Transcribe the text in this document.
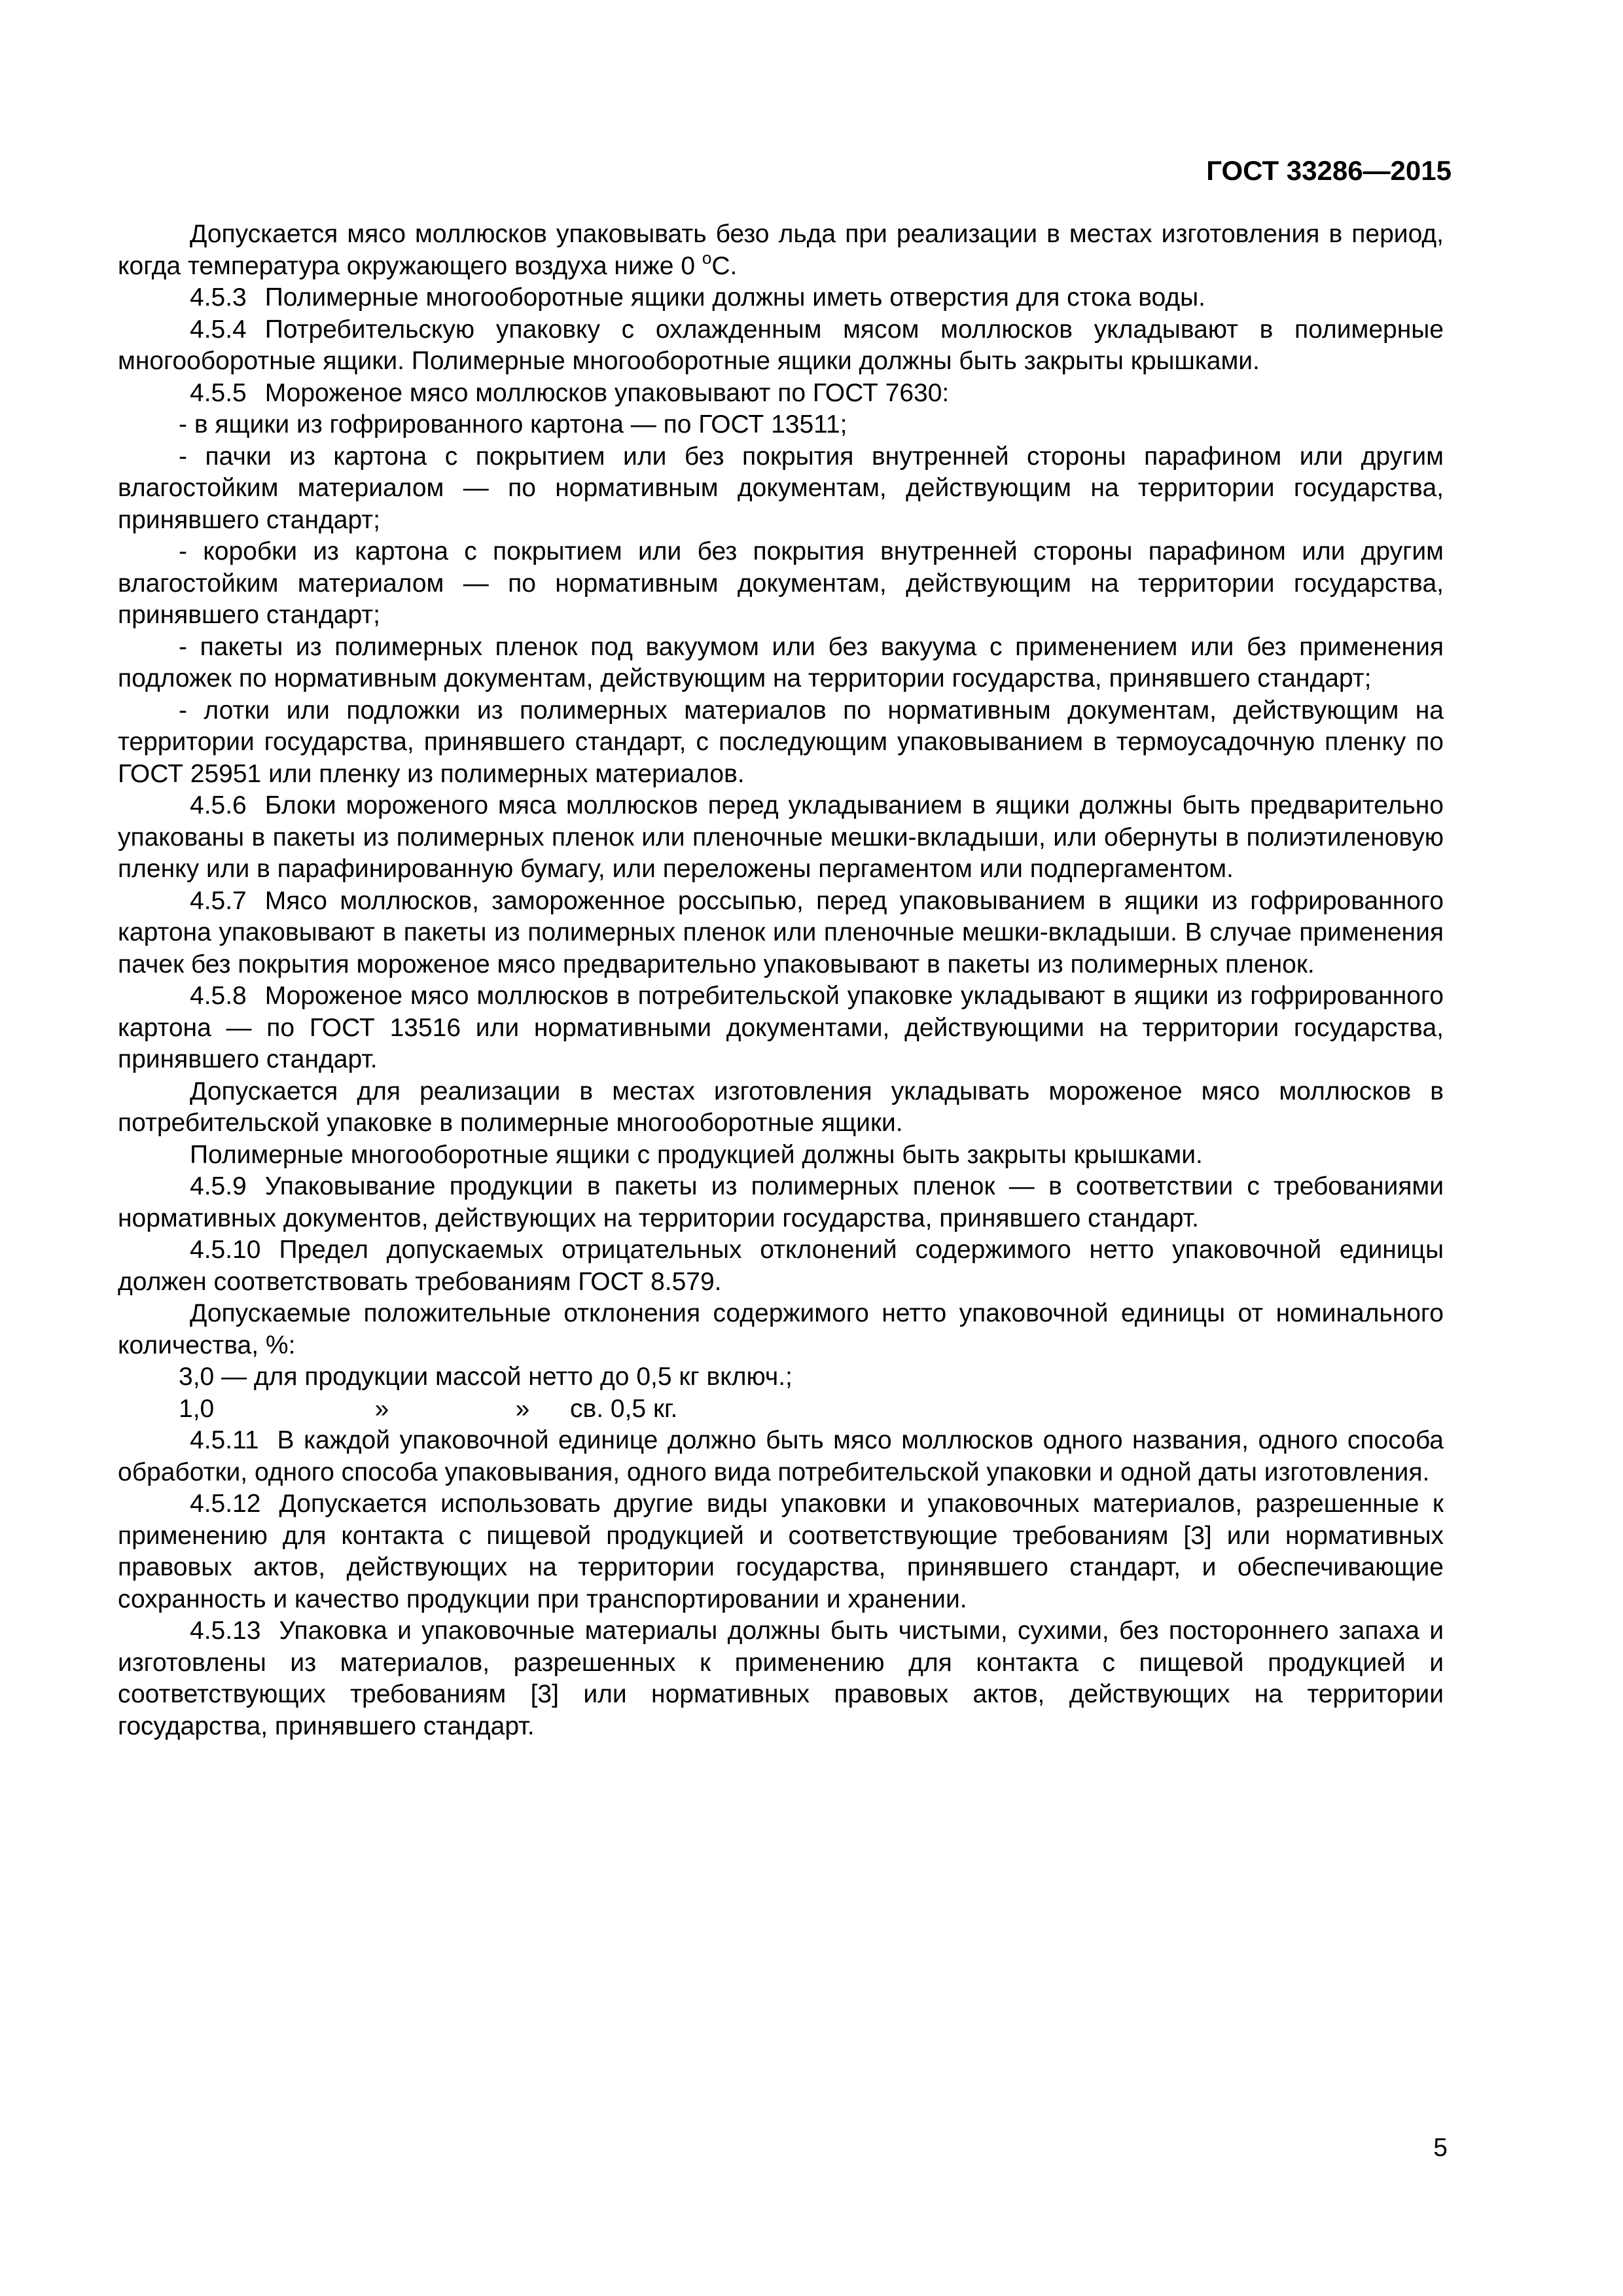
ГОСТ 33286—2015

Допускается мясо моллюсков упаковывать безо льда при реализации в местах изготовления в период, когда температура окружающего воздуха ниже 0 $^о$С.

4.5.3 Полимерные многооборотные ящики должны иметь отверстия для стока воды.

4.5.4 Потребительскую упаковку с охлажденным мясом моллюсков укладывают в полимерные многооборотные ящики. Полимерные многооборотные ящики должны быть закрыты крышками.

4.5.5 Мороженое мясо моллюсков упаковывают по ГОСТ 7630:

- в ящики из гофрированного картона — по ГОСТ 13511;

- пачки из картона с покрытием или без покрытия внутренней стороны парафином или другим влагостойким материалом — по нормативным документам, действующим на территории государства, принявшего стандарт;

- коробки из картона с покрытием или без покрытия внутренней стороны парафином или другим влагостойким материалом — по нормативным документам, действующим на территории государства, принявшего стандарт;

- пакеты из полимерных пленок под вакуумом или без вакуума с применением или без применения подложек по нормативным документам, действующим на территории государства, принявшего стандарт;

- лотки или подложки из полимерных материалов по нормативным документам, действующим на территории государства, принявшего стандарт, с последующим упаковыванием в термоусадочную пленку по ГОСТ 25951 или пленку из полимерных материалов.

4.5.6 Блоки мороженого мяса моллюсков перед укладыванием в ящики должны быть предварительно упакованы в пакеты из полимерных пленок или пленочные мешки-вкладыши, или обернуты в полиэтиленовую пленку или в парафинированную бумагу, или переложены пергаментом или подпергаментом.

4.5.7 Мясо моллюсков, замороженное россыпью, перед упаковыванием в ящики из гофрированного картона упаковывают в пакеты из полимерных пленок или пленочные мешки-вкладыши. В случае применения пачек без покрытия мороженое мясо предварительно упаковывают в пакеты из полимерных пленок.

4.5.8 Мороженое мясо моллюсков в потребительской упаковке укладывают в ящики из гофрированного картона — по ГОСТ 13516 или нормативными документами, действующими на территории государства, принявшего стандарт.

Допускается для реализации в местах изготовления укладывать мороженое мясо моллюсков в потребительской упаковке в полимерные многооборотные ящики.

Полимерные многооборотные ящики с продукцией должны быть закрыты крышками.

4.5.9 Упаковывание продукции в пакеты из полимерных пленок — в соответствии с требованиями нормативных документов, действующих на территории государства, принявшего стандарт.

4.5.10 Предел допускаемых отрицательных отклонений содержимого нетто упаковочной единицы должен соответствовать требованиям ГОСТ 8.579.

Допускаемые положительные отклонения содержимого нетто упаковочной единицы от номинального количества, %:

3,0 — для продукции массой нетто до 0,5 кг включ.;
1,0	»	»	св. 0,5 кг.

4.5.11 В каждой упаковочной единице должно быть мясо моллюсков одного названия, одного способа обработки, одного способа упаковывания, одного вида потребительской упаковки и одной даты изготовления.

4.5.12 Допускается использовать другие виды упаковки и упаковочных материалов, разрешенные к применению для контакта с пищевой продукцией и соответствующие требованиям [3] или нормативных правовых актов, действующих на территории государства, принявшего стандарт, и обеспечивающие сохранность и качество продукции при транспортировании и хранении.

4.5.13 Упаковка и упаковочные материалы должны быть чистыми, сухими, без постороннего запаха и изготовлены из материалов, разрешенных к применению для контакта с пищевой продукцией и соответствующих требованиям [3] или нормативных правовых актов, действующих на территории государства, принявшего стандарт.

5
